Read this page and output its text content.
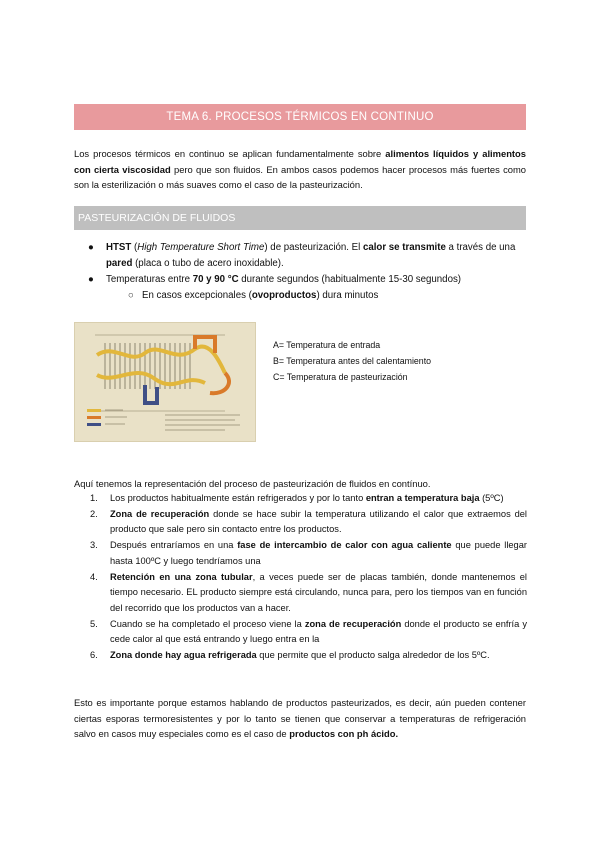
TEMA 6. PROCESOS TÉRMICOS EN CONTINUO
Los procesos térmicos en continuo se aplican fundamentalmente sobre alimentos líquidos y alimentos con cierta viscosidad pero que son fluidos. En ambos casos podemos hacer procesos más fuertes como son la esterilización o más suaves como el caso de la pasteurización.
PASTEURIZACIÓN DE FLUIDOS
● HTST (High Temperature Short Time) de pasteurización. El calor se transmite a través de una pared (placa o tubo de acero inoxidable).
● Temperaturas entre 70 y 90 °C durante segundos (habitualmente 15-30 segundos)
○ En casos excepcionales (ovoproductos) dura minutos
A= Temperatura de entrada
B= Temperatura antes del calentamiento
C= Temperatura de pasteurización
Aquí tenemos la representación del proceso de pasteurización de fluidos en contínuo.
1. Los productos habitualmente están refrigerados y por lo tanto entran a temperatura baja (5ºC)
2. Zona de recuperación donde se hace subir la temperatura utilizando el calor que extraemos del producto que sale pero sin contacto entre los productos.
3. Después entraríamos en una fase de intercambio de calor con agua caliente que puede llegar hasta 100ºC y luego tendríamos una
4. Retención en una zona tubular, a veces puede ser de placas también, donde mantenemos el tiempo necesario. EL producto siempre está circulando, nunca para, pero los tiempos van en función del recorrido que los productos van a hacer.
5. Cuando se ha completado el proceso viene la zona de recuperación donde el producto se enfría y cede calor al que está entrando y luego entra en la
6. Zona donde hay agua refrigerada que permite que el producto salga alrededor de los 5ºC.
Esto es importante porque estamos hablando de productos pasteurizados, es decir, aún pueden contener ciertas esporas termoresistentes y por lo tanto se tienen que conservar a temperaturas de refrigeración salvo en casos muy especiales como es el caso de productos con ph ácido.
